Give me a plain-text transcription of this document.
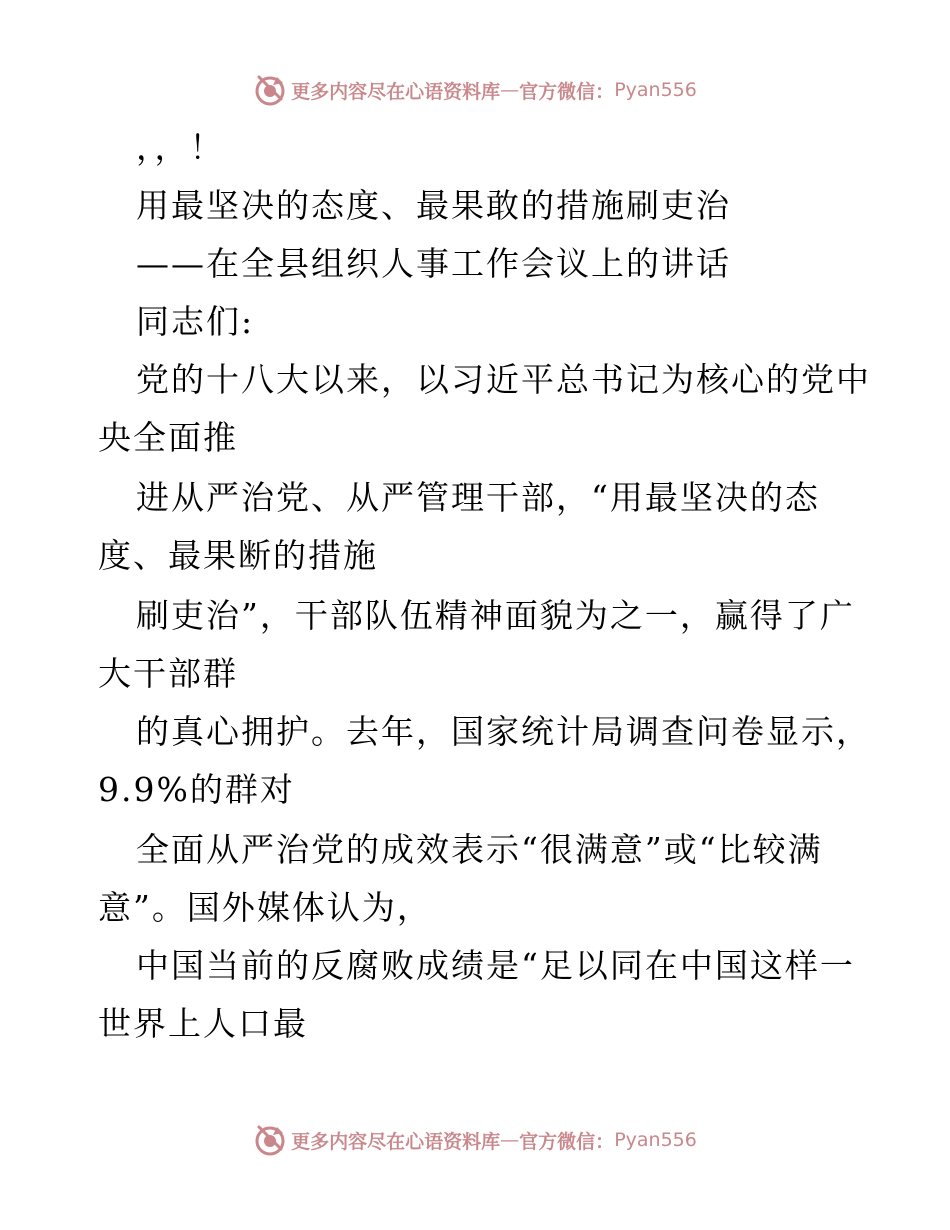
更多内容尽在心语资料库 — 官方微信： Pyan556
，，！
用最坚决的态度、最果敢的措施刷吏治
——在全县组织人事工作会议上的讲话
同志们:
党的十八大以来，以习近平总书记为核心的党中
央全面推
进从严治党、从严管理干部，“用最坚决的态
度、最果断的措施
刷吏治”，干部队伍精神面貌为之一，赢得了广
大干部群
的真心拥护。去年，国家统计局调查问卷显示，
9.9%的群对
全面从严治党的成效表示“很满意”或“比较满
意”。国外媒体认为，
中国当前的反腐败成绩是“足以同在中国这样一
世界上人口最
更多内容尽在心语资料库 — 官方微信： Pyan556
